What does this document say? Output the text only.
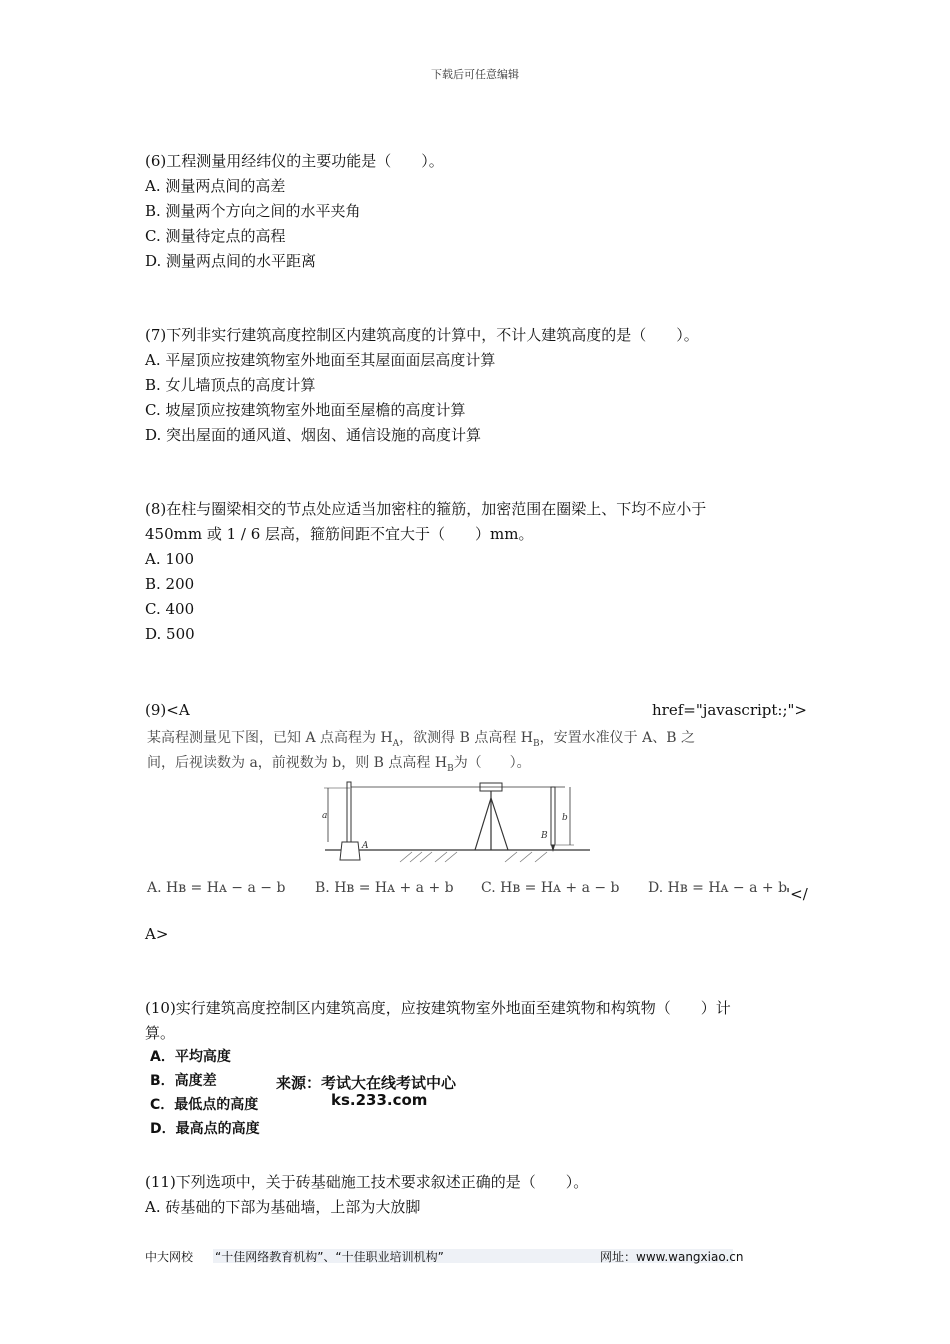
下载后可任意编辑
(6)工程测量用经纬仪的主要功能是（　　）。
A. 测量两点间的高差
B. 测量两个方向之间的水平夹角
C. 测量待定点的高程
D. 测量两点间的水平距离
(7)下列非实行建筑高度控制区内建筑高度的计算中，不计人建筑高度的是（　　）。
A. 平屋顶应按建筑物室外地面至其屋面面层高度计算
B. 女儿墙顶点的高度计算
C. 坡屋顶应按建筑物室外地面至屋檐的高度计算
D. 突出屋面的通风道、烟囱、通信设施的高度计算
(8)在柱与圈梁相交的节点处应适当加密柱的箍筋，加密范围在圈梁上、下均不应小于
450mm 或 1 / 6 层高，箍筋间距不宜大于（　　）mm。
A. 100
B. 200
C. 400
D. 500
(9)<A	href="javascript:;">
某高程测量见下图，已知 A 点高程为 $H_A$，欲测得 B 点高程 $H_B$，安置水准仪于 A、B 之
间，后视读数为 a，前视数为 b，则 B 点高程 $H_B$为（　　）。
a
A
b
B
A. Hʙ = Hᴀ − a − b B. Hʙ = Hᴀ + a + b C. Hʙ = Hᴀ + a − b D. Hʙ = Hᴀ − a + b
'</
A>
(10)实行建筑高度控制区内建筑高度，应按建筑物室外地面至建筑物和构筑物（　　）计
算。
A．平均高度
B．高度差
C．最低点的高度
D．最高点的高度
来源：考试大在线考试中心
ks.233.com
(11)下列选项中，关于砖基础施工技术要求叙述正确的是（　　）。
A. 砖基础的下部为基础墙，上部为大放脚
中大网校 “十佳网络教育机构”、“十佳职业培训机构”	网址：www.wangxiao.cn
